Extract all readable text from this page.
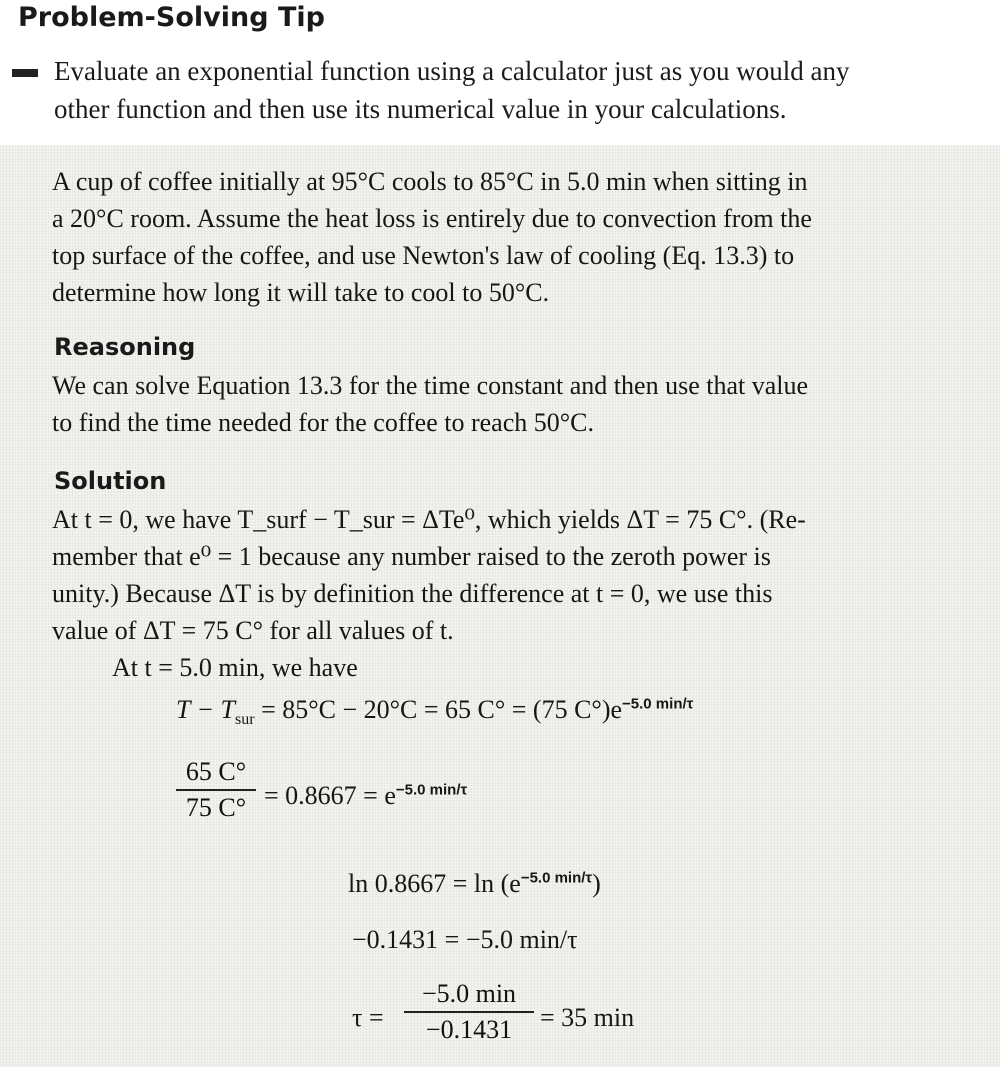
Problem-Solving Tip
Evaluate an exponential function using a calculator just as you would any
other function and then use its numerical value in your calculations.
A cup of coffee initially at 95°C cools to 85°C in 5.0 min when sitting in
a 20°C room. Assume the heat loss is entirely due to convection from the
top surface of the coffee, and use Newton's law of cooling (Eq. 13.3) to
determine how long it will take to cool to 50°C.
Reasoning
We can solve Equation 13.3 for the time constant and then use that value
to find the time needed for the coffee to reach 50°C.
Solution
At t = 0, we have T_surf − T_sur = ΔTe⁰, which yields ΔT = 75 C°. (Re-
member that e⁰ = 1 because any number raised to the zeroth power is
unity.) Because ΔT is by definition the difference at t = 0, we use this
value of ΔT = 75 C° for all values of t.
At t = 5.0 min, we have
$T - T_{sur} = 85^\circ C - 20^\circ C = 65$ C° = (75 $C^\circ)e^{-5.0 min/\tau}$
65 C°
75 $C^\circ = 0.8667 = e^{-5.0 min/\tau}$
$\ln 0.8667 = \ln (e^{-5.0 min/\tau})$
−0.1431 = −5.0 min/τ
τ =
−5.0 min
−0.1431	= 35 min
